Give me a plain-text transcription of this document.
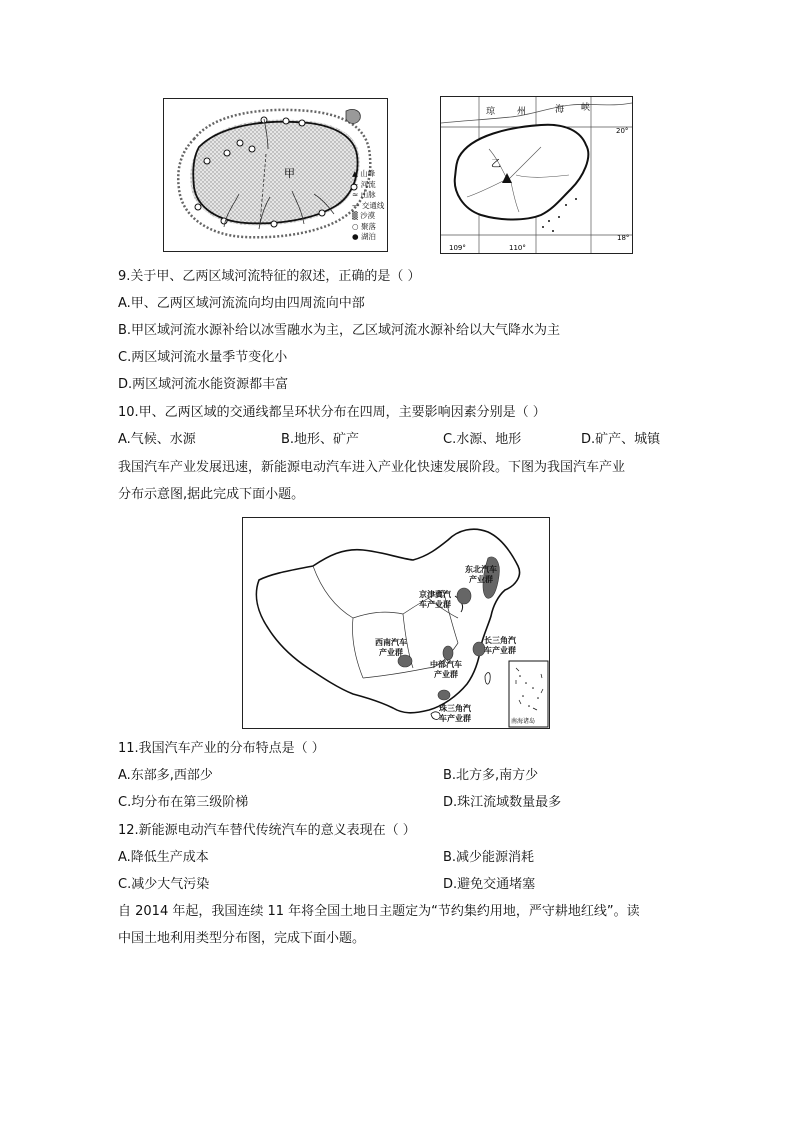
甲	▲ 山峰
∼ 河流
≈ 山脉
— 交通线
▒ 沙漠
○ 聚落
● 湖泊
乙
琼 州	海 峡
20°
18°
109°	110°
9.关于甲、乙两区域河流特征的叙述，正确的是（ ）
A.甲、乙两区域河流流向均由四周流向中部
B.甲区域河流水源补给以冰雪融水为主，乙区域河流水源补给以大气降水为主
C.两区域河流水量季节变化小
D.两区域河流水能资源都丰富
10.甲、乙两区域的交通线都呈环状分布在四周，主要影响因素分别是（ ）
A.气候、水源	B.地形、矿产	C.水源、地形	D.矿产、城镇
我国汽车产业发展迅速，新能源电动汽车进入产业化快速发展阶段。下图为我国汽车产业
分布示意图,据此完成下面小题。
南海诸岛
东北汽车
产业群
京津冀汽
车产业群
西南汽车
产业群
长三角汽
车产业群
中部汽车
产业群
珠三角汽
车产业群
11.我国汽车产业的分布特点是（ ）
A.东部多,西部少	B.北方多,南方少
C.均分布在第三级阶梯	D.珠江流域数量最多
12.新能源电动汽车替代传统汽车的意义表现在（ ）
A.降低生产成本	B.减少能源消耗
C.减少大气污染	D.避免交通堵塞
自 2014 年起，我国连续 11 年将全国土地日主题定为“节约集约用地，严守耕地红线”。读
中国土地利用类型分布图，完成下面小题。
